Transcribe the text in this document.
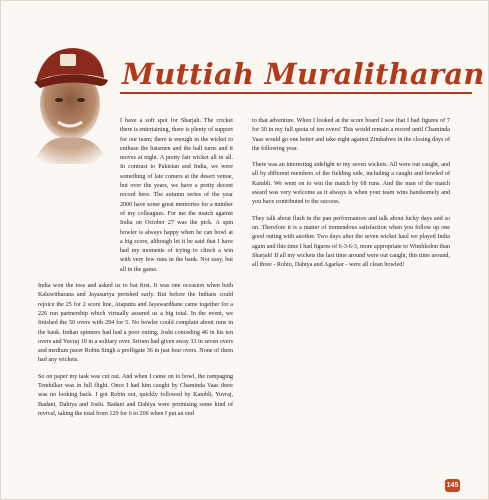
Muttiah Muralitharan

I have a soft spot for Sharjah. The cricket there is entertaining, there is plenty of support for our team; there is enough in the wicket to enthuse the batsmen and the ball turns and it moves at night. A pretty fair wicket all in all. In contrast to Pakistan and India, we were something of late comers at the desert venue, but over the years, we have a pretty decent record here. The autumn series of the year 2000 have some great memories for a number of my colleagues. For me the match against India on October 27 was the pick. A spin bowler is always happy when he can bowl at a big score, although let it be said that I have had my moments of trying to clinch a win with very few runs in the bank. Not easy, but all in the game.

India won the toss and asked us to bat first. It was one occasion when both Kaluwitharana and Jayasuriya perished early. But before the Indians could rejoice the 25 for 2 score line, Ataputtu and Jayawardhane came together for a 226 run partnership which virtually assured us a big total. In the event, we finished the 50 overs with 294 for 5. No bowler could complain about runs in the bank. Indian spinners had had a poor outing, Joshi conceding 46 in his ten overs and Yuvraj 10 in a solitary over. Sriram had given away 33 in seven overs and medium pacer Robin Singh a profligate 36 in just four overs. None of them had any wickets.

So on paper my task was cut out. And when I came on to bowl, the rampaging Tendulkar was in full flight. Once I had him caught by Chaminda Vaas there was no looking back. I got Robin out, quickly followed by Kambli, Yuvraj, Badani, Dahiya and Joshi. Badani and Dahiya were promising some kind of revival, taking the total from 129 for 6 to 206 when I put an end

to that adventure. When I looked at the score board I saw that I had figures of 7 for 30 in my full quota of ten overs! This would remain a record until Chaminda Vaas would go one better and take eight against Zimbabwe in the closing days of the following year.

There was an interesting sidelight to my seven wickets. All were out caught, and all by different members of the fielding side, including a caught and bowled of Kambli. We went on to win the match by 68 runs. And the man of the match award was very welcome as it always is when your team wins handsomely and you have contributed to the success.

They talk about flash in the pan performances and talk about lucky days and so on. Therefore it is a matter of tremendous satisfaction when you follow up one good outing with another. Two days after the seven wicket haul we played India again and this time I had figures of 6-3-6-3, more appropriate to Wimbledon than Sharjah! If all my wickets the last time around were out caught, this time around, all three - Robin, Dahiya and Agarkar - were all clean bowled!

145
